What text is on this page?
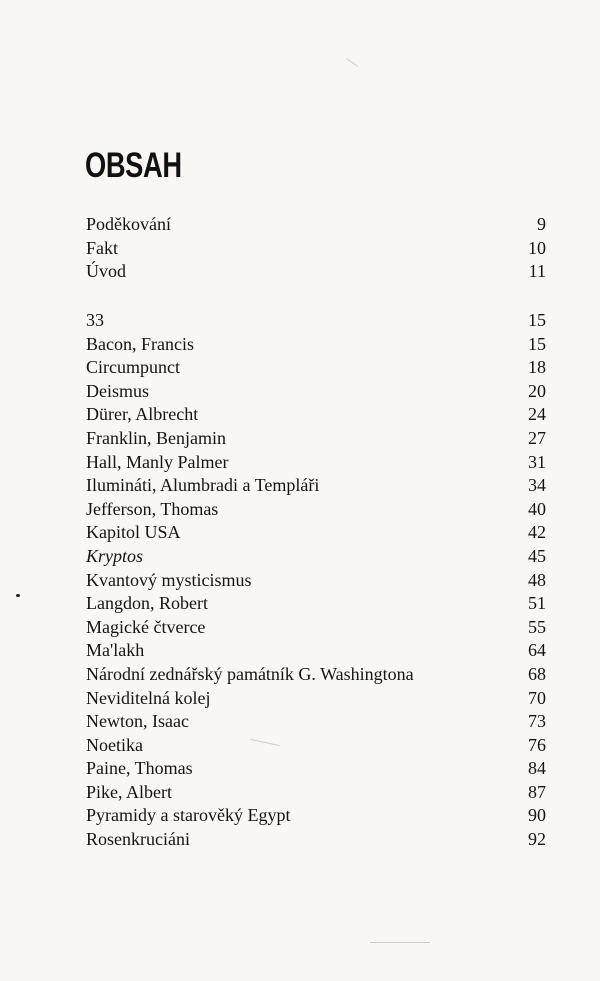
OBSAH
Poděkování	9
Fakt	10
Úvod	11
33	15
Bacon, Francis	15
Circumpunct	18
Deismus	20
Dürer, Albrecht	24
Franklin, Benjamin	27
Hall, Manly Palmer	31
Ilumináti, Alumbradi a Templáři	34
Jefferson, Thomas	40
Kapitol USA	42
Kryptos	45
Kvantový mysticismus	48
Langdon, Robert	51
Magické čtverce	55
Ma'lakh	64
Národní zednářský památník G. Washingtona	68
Neviditelná kolej	70
Newton, Isaac	73
Noetika	76
Paine, Thomas	84
Pike, Albert	87
Pyramidy a starověký Egypt	90
Rosenkruciáni	92
